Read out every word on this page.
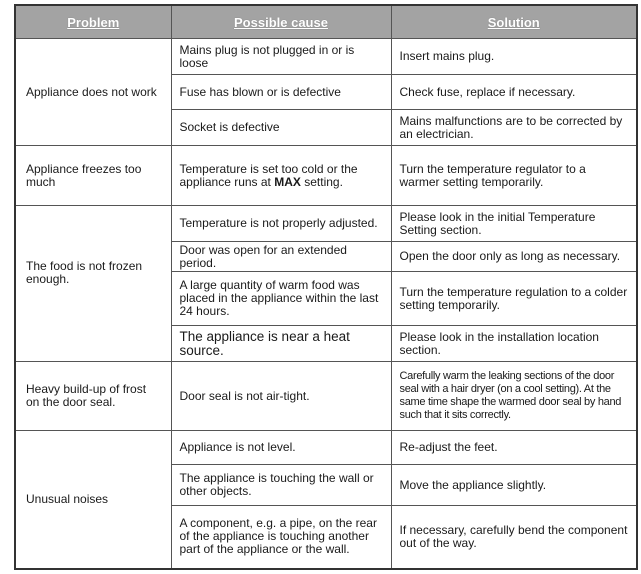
Problem	Possible cause	Solution
Appliance does not work	Mains plug is not plugged in or is loose	Insert mains plug.
	Fuse has blown or is defective	Check fuse, replace if necessary.
	Socket is defective	Mains malfunctions are to be corrected by an electrician.
Appliance freezes too much	Temperature is set too cold or the appliance runs at MAX setting.	Turn the temperature regulator to a warmer setting temporarily.
The food is not frozen enough.	Temperature is not properly adjusted.	Please look in the initial Temperature Setting section.
	Door was open for an extended period.	Open the door only as long as necessary.
	A large quantity of warm food was placed in the appliance within the last 24 hours.	Turn the temperature regulation to a colder setting temporarily.
	The appliance is near a heat source.	Please look in the installation location section.
Heavy build-up of frost on the door seal.	Door seal is not air-tight.	Carefully warm the leaking sections of the door seal with a hair dryer (on a cool setting). At the same time shape the warmed door seal by hand such that it sits correctly.
Unusual noises	Appliance is not level.	Re-adjust the feet.
	The appliance is touching the wall or other objects.	Move the appliance slightly.
	A component, e.g. a pipe, on the rear of the appliance is touching another part of the appliance or the wall.	If necessary, carefully bend the component out of the way.
